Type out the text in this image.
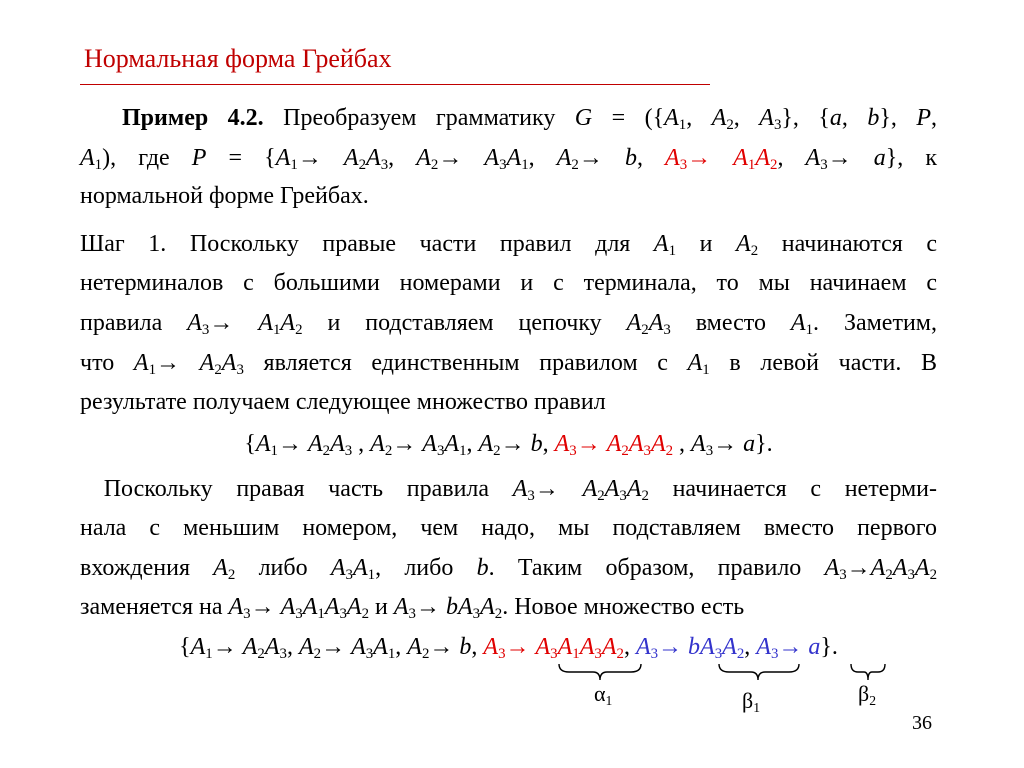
Нормальная форма Грейбах
Пример 4.2. Преобразуем грамматику $G = (\{A_1$, $A_2$, $A_3$}, {a, b}, P,
$A_1$), где $P = \{A_1\to A_2A_3$, $A_2\to A_3A_1$, $A_2\to b$, $A_3\to A_1A_2$, $A_3\to a$}, к
нормальной форме Грейбах.
Шаг 1. Поскольку правые части правил для $A_1$ и $A_2$ начинаются с
нетерминалов с большими номерами и с терминала, то мы начинаем с
правила $A_3\to A_1A_2$ и подставляем цепочку $A_2A_3$ вместо $A_1$. Заметим,
что $A_1\to A_2A_3$ является единственным правилом с $A_1$ в левой части. В
результате получаем следующее множество правил
{$A_1\to A_2A_3$ , $A_2\to A_3A_1$, $A_2\to b$, $A_3\to A_2A_3A_2$ , $A_3\to a$}.
Поскольку правая часть правила $A_3\to A_2A_3A_2$ начинается с нетерми-
нала с меньшим номером, чем надо, мы подставляем вместо первого
вхождения $A_2$ либо $A_3A_1$, либо b. Таким образом, правило $A_3\to A_2A_3A_2$
заменяется на $A_3\to A_3A_1A_3A_2$ и $A_3\to bA_3A_2$. Новое множество есть
{$A_1\to A_2A_3$, $A_2\to A_3A_1$, $A_2\to b$, $A_3\to A_3A_1A_3A_2$, $A_3\to bA_3A_2$, $A_3\to a$}.
$\alpha_1$	$\beta_1$
$\beta_2$
36
